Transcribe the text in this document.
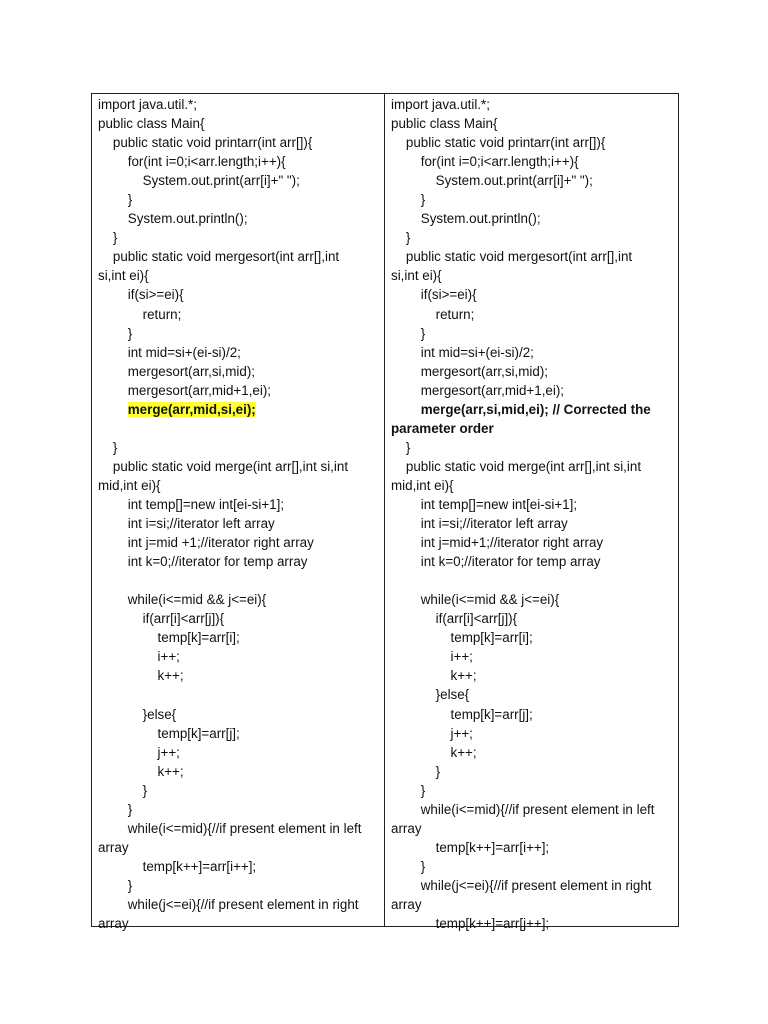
import java.util.*;
public class Main{
public static void printarr(int arr[]){
for(int i=0;i<arr.length;i++){
System.out.print(arr[i]+" ");
}
System.out.println();
}
public static void mergesort(int arr[],int
si,int ei){
if(si>=ei){
return;
}
int mid=si+(ei-si)/2;
mergesort(arr,si,mid);
mergesort(arr,mid+1,ei);
merge(arr,mid,si,ei);
}
public static void merge(int arr[],int si,int
mid,int ei){
int temp[]=new int[ei-si+1];
int i=si;//iterator left array
int j=mid +1;//iterator right array
int k=0;//iterator for temp array
while(i<=mid && j<=ei){
if(arr[i]<arr[j]){
temp[k]=arr[i];
i++;
k++;
}else{
temp[k]=arr[j];
j++;
k++;
}
}
while(i<=mid){//if present element in left
array
temp[k++]=arr[i++];
}
while(j<=ei){//if present element in right
array
import java.util.*;
public class Main{
public static void printarr(int arr[]){
for(int i=0;i<arr.length;i++){
System.out.print(arr[i]+" ");
}
System.out.println();
}
public static void mergesort(int arr[],int
si,int ei){
if(si>=ei){
return;
}
int mid=si+(ei-si)/2;
mergesort(arr,si,mid);
mergesort(arr,mid+1,ei);
merge(arr,si,mid,ei); // Corrected the
parameter order
}
public static void merge(int arr[],int si,int
mid,int ei){
int temp[]=new int[ei-si+1];
int i=si;//iterator left array
int j=mid+1;//iterator right array
int k=0;//iterator for temp array
while(i<=mid && j<=ei){
if(arr[i]<arr[j]){
temp[k]=arr[i];
i++;
k++;
}else{
temp[k]=arr[j];
j++;
k++;
}
}
while(i<=mid){//if present element in left
array
temp[k++]=arr[i++];
}
while(j<=ei){//if present element in right
array
temp[k++]=arr[j++];
